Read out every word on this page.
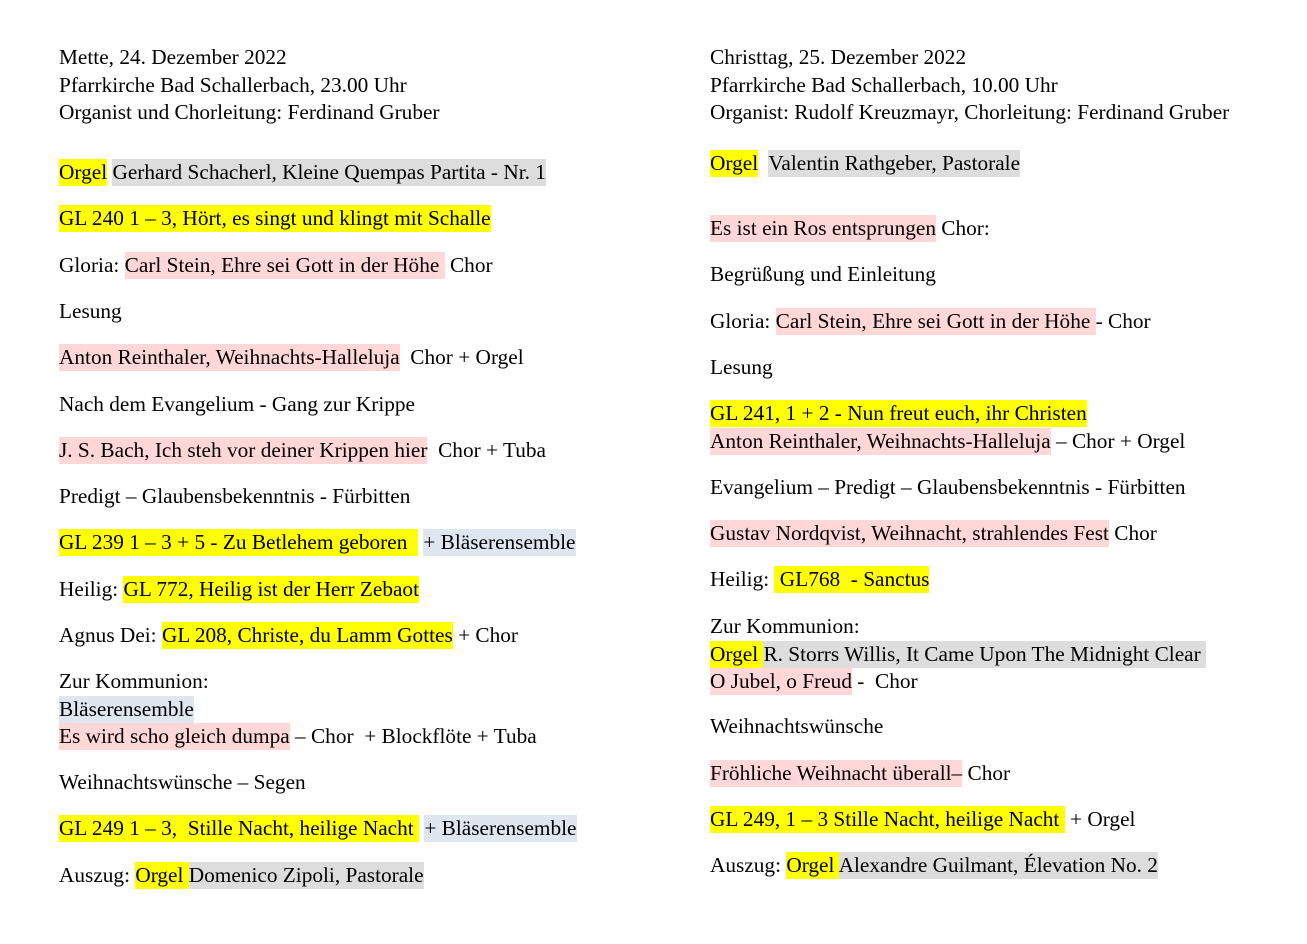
Mette, 24. Dezember 2022
Pfarrkirche Bad Schallerbach, 23.00 Uhr
Organist und Chorleitung: Ferdinand Gruber
Orgel Gerhard Schacherl, Kleine Quempas Partita - Nr. 1
GL 240 1 – 3, Hört, es singt und klingt mit Schalle
Gloria: Carl Stein, Ehre sei Gott in der Höhe  Chor
Lesung
Anton Reinthaler, Weihnachts-Halleluja  Chor + Orgel
Nach dem Evangelium - Gang zur Krippe
J. S. Bach, Ich steh vor deiner Krippen hier  Chor + Tuba
Predigt – Glaubensbekenntnis - Fürbitten
GL 239 1 – 3 + 5 - Zu Betlehem geboren   + Bläserensemble
Heilig: GL 772, Heilig ist der Herr Zebaot
Agnus Dei: GL 208, Christe, du Lamm Gottes + Chor
Zur Kommunion:
Bläserensemble
Es wird scho gleich dumpa – Chor  + Blockflöte + Tuba
Weihnachtswünsche – Segen
GL 249 1 – 3,  Stille Nacht, heilige Nacht  + Bläserensemble
Auszug: Orgel Domenico Zipoli, Pastorale
Christtag, 25. Dezember 2022
Pfarrkirche Bad Schallerbach, 10.00 Uhr
Organist: Rudolf Kreuzmayr, Chorleitung: Ferdinand Gruber
Orgel Valentin Rathgeber, Pastorale
Es ist ein Ros entsprungen Chor:
Begrüßung und Einleitung
Gloria: Carl Stein, Ehre sei Gott in der Höhe - Chor
Lesung
GL 241, 1 + 2 - Nun freut euch, ihr Christen
Anton Reinthaler, Weihnachts-Halleluja – Chor + Orgel
Evangelium – Predigt – Glaubensbekenntnis - Fürbitten
Gustav Nordqvist, Weihnacht, strahlendes Fest Chor
Heilig:  GL768  - Sanctus
Zur Kommunion:
Orgel R. Storrs Willis, It Came Upon The Midnight Clear
O Jubel, o Freud -  Chor
Weihnachtswünsche
Fröhliche Weihnacht überall– Chor
GL 249, 1 – 3 Stille Nacht, heilige Nacht  + Orgel
Auszug: Orgel Alexandre Guilmant, Élevation No. 2
